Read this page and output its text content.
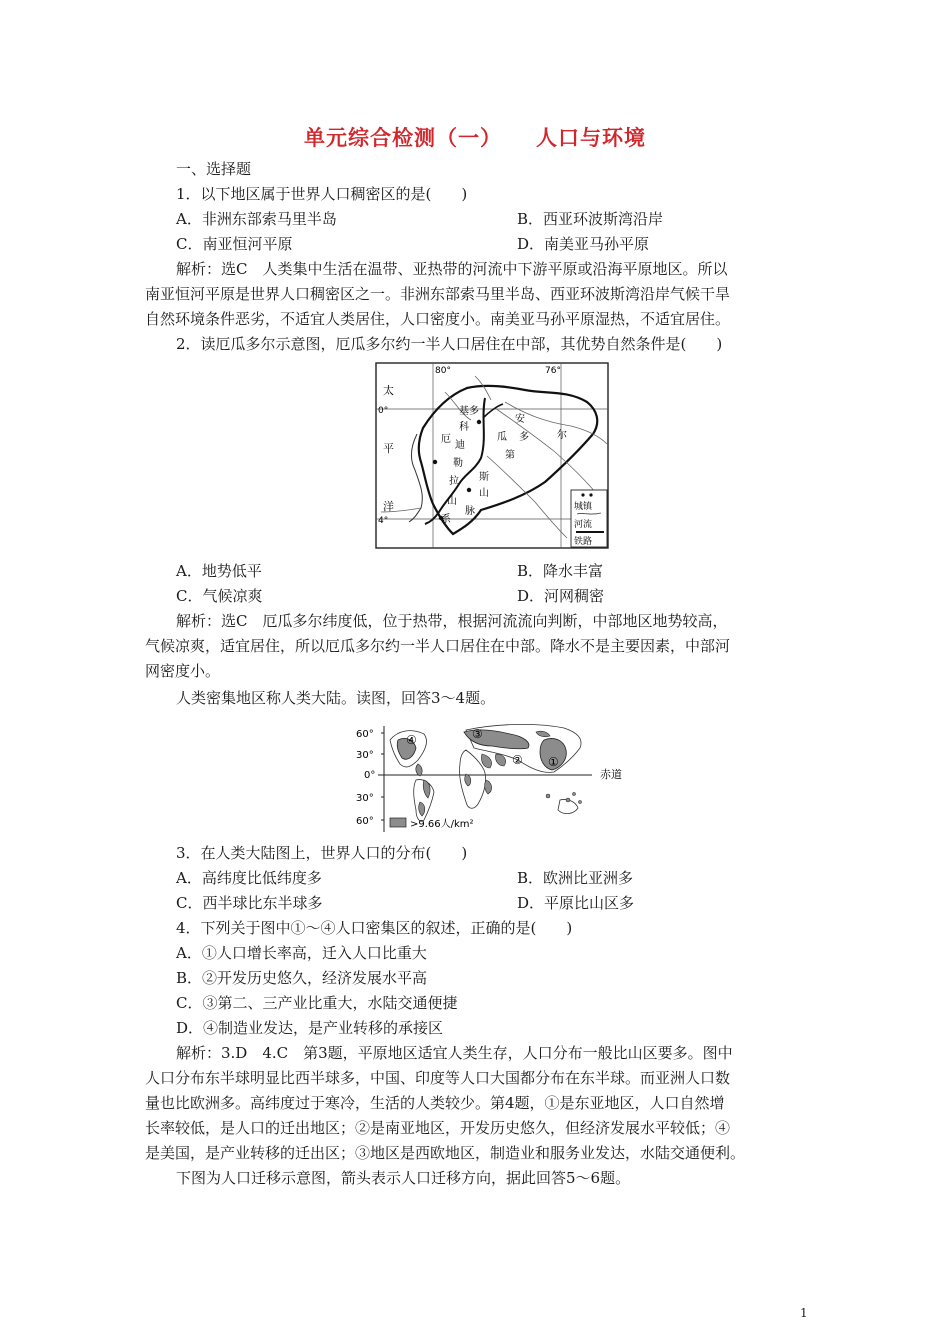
单元综合检测（一） 人口与环境
一、选择题
1．以下地区属于世界人口稠密区的是(　　)
A．非洲东部索马里半岛	B．西亚环波斯湾沿岸
C．南亚恒河平原	D．南美亚马孙平原
解析：选C　人类集中生活在温带、亚热带的河流中下游平原或沿海平原地区。所以
南亚恒河平原是世界人口稠密区之一。非洲东部索马里半岛、西亚环波斯湾沿岸气候干旱
自然环境条件恶劣，不适宜人类居住，人口密度小。南美亚马孙平原湿热，不适宜居住。
2．读厄瓜多尔示意图，厄瓜多尔约一半人口居住在中部，其优势自然条件是(　　)
80°	76°
0°
4°
太
平
洋
基多
科
迪
厄
勒
拉
山
系
安
瓜 多	尔
第
斯
山
脉	城镇
河流
铁路
A．地势低平	B．降水丰富
C．气候凉爽	D．河网稠密
解析：选C　厄瓜多尔纬度低，位于热带，根据河流流向判断，中部地区地势较高，
气候凉爽，适宜居住，所以厄瓜多尔约一半人口居住在中部。降水不是主要因素，中部河
网密度小。
人类密集地区称人类大陆。读图，回答3～4题。
60°
30°
0°
30°
60°
赤道
①
②
③
④
>9.66人/km²
3．在人类大陆图上，世界人口的分布(　　)
A．高纬度比低纬度多	B．欧洲比亚洲多
C．西半球比东半球多	D．平原比山区多
4．下列关于图中①～④人口密集区的叙述，正确的是(　　)
A．①人口增长率高，迁入人口比重大
B．②开发历史悠久，经济发展水平高
C．③第二、三产业比重大，水陆交通便捷
D．④制造业发达，是产业转移的承接区
解析：3.D　4.C　第3题，平原地区适宜人类生存，人口分布一般比山区要多。图中
人口分布东半球明显比西半球多，中国、印度等人口大国都分布在东半球。而亚洲人口数
量也比欧洲多。高纬度过于寒冷，生活的人类较少。第4题，①是东亚地区，人口自然增
长率较低，是人口的迁出地区；②是南亚地区，开发历史悠久，但经济发展水平较低；④
是美国，是产业转移的迁出区；③地区是西欧地区，制造业和服务业发达，水陆交通便利。
下图为人口迁移示意图，箭头表示人口迁移方向，据此回答5～6题。
1
